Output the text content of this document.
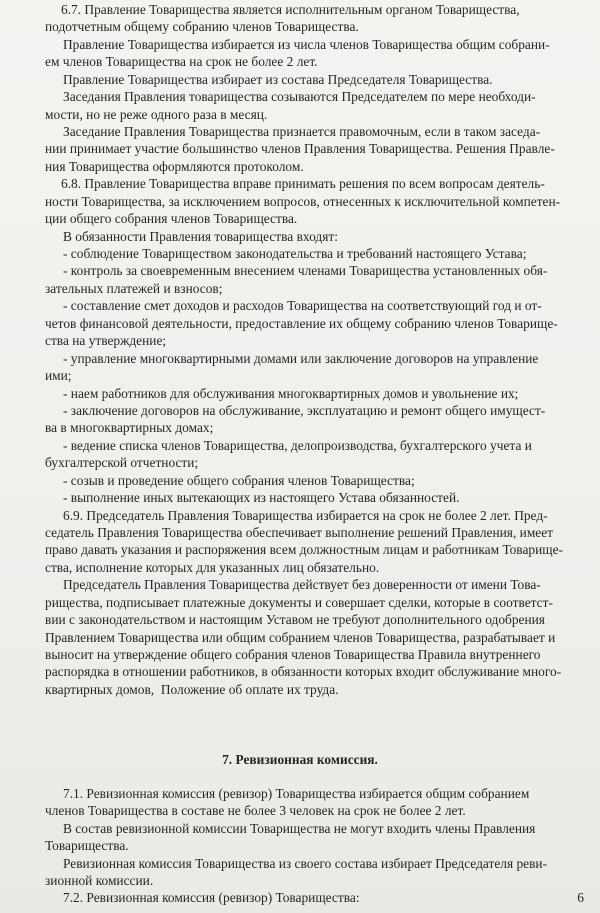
6.7. Правление Товарищества является исполнительным органом Товарищества,
подотчетным общему собранию членов Товарищества.
Правление Товарищества избирается из числа членов Товарищества общим собрани-
ем членов Товарищества на срок не более 2 лет.
Правление Товарищества избирает из состава Председателя Товарищества.
Заседания Правления товарищества созываются Председателем по мере необходи-
мости, но не реже одного раза в месяц.
Заседание Правления Товарищества признается правомочным, если в таком заседа-
нии принимает участие большинство членов Правления Товарищества. Решения Правле-
ния Товарищества оформляются протоколом.
6.8. Правление Товарищества вправе принимать решения по всем вопросам деятель-
ности Товарищества, за исключением вопросов, отнесенных к исключительной компетен-
ции общего собрания членов Товарищества.
В обязанности Правления товарищества входят:
- соблюдение Товариществом законодательства и требований настоящего Устава;
- контроль за своевременным внесением членами Товарищества установленных обя-
зательных платежей и взносов;
- составление смет доходов и расходов Товарищества на соответствующий год и от-
четов финансовой деятельности, предоставление их общему собранию членов Товарище-
ства на утверждение;
- управление многоквартирными домами или заключение договоров на управление
ими;
- наем работников для обслуживания многоквартирных домов и увольнение их;
- заключение договоров на обслуживание, эксплуатацию и ремонт общего имущест-
ва в многоквартирных домах;
- ведение списка членов Товарищества, делопроизводства, бухгалтерского учета и
бухгалтерской отчетности;
- созыв и проведение общего собрания членов Товарищества;
- выполнение иных вытекающих из настоящего Устава обязанностей.
6.9. Председатель Правления Товарищества избирается на срок не более 2 лет. Пред-
седатель Правления Товарищества обеспечивает выполнение решений Правления, имеет
право давать указания и распоряжения всем должностным лицам и работникам Товарище-
ства, исполнение которых для указанных лиц обязательно.
Председатель Правления Товарищества действует без доверенности от имени Това-
рищества, подписывает платежные документы и совершает сделки, которые в соответст-
вии с законодательством и настоящим Уставом не требуют дополнительного одобрения
Правлением Товарищества или общим собранием членов Товарищества, разрабатывает и
выносит на утверждение общего собрания членов Товарищества Правила внутреннего
распорядка в отношении работников, в обязанности которых входит обслуживание много-
квартирных домов,  Положение об оплате их труда.
7. Ревизионная комиссия.
7.1. Ревизионная комиссия (ревизор) Товарищества избирается общим собранием
членов Товарищества в составе не более 3 человек на срок не более 2 лет.
В состав ревизионной комиссии Товарищества не могут входить члены Правления
Товарищества.
Ревизионная комиссия Товарищества из своего состава избирает Председателя реви-
зионной комиссии.
7.2. Ревизионная комиссия (ревизор) Товарищества:	6
